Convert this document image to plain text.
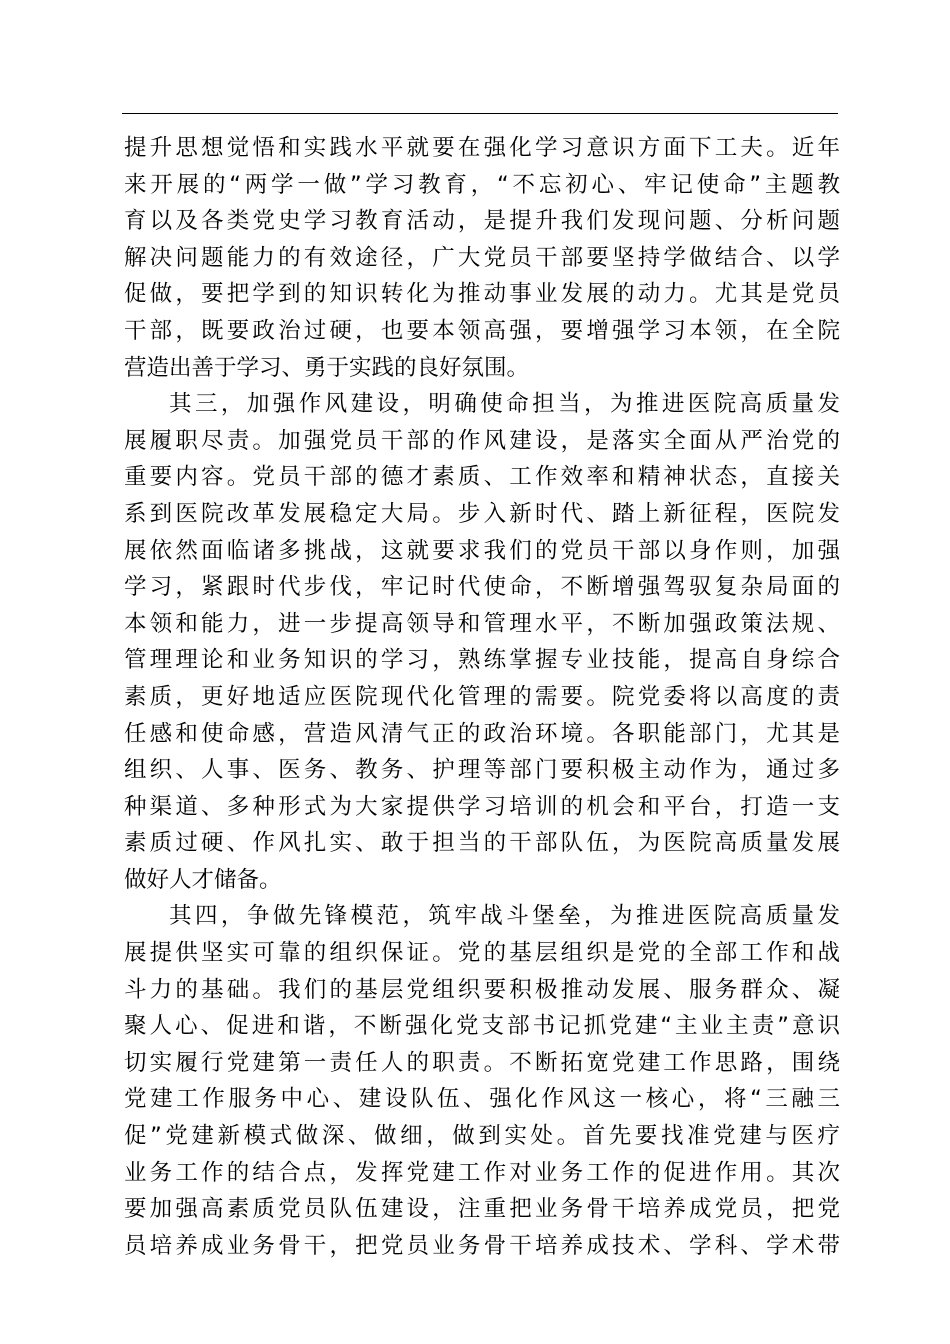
提升思想觉悟和实践水平就要在强化学习意识方面下工夫。近年
来开展的“两学一做”学习教育，“不忘初心、牢记使命”主题教
育以及各类党史学习教育活动，是提升我们发现问题、分析问题
解决问题能力的有效途径，广大党员干部要坚持学做结合、以学
促做，要把学到的知识转化为推动事业发展的动力。尤其是党员
干部，既要政治过硬，也要本领高强，要增强学习本领，在全院
营造出善于学习、勇于实践的良好氛围。
其三，加强作风建设，明确使命担当，为推进医院高质量发
展履职尽责。加强党员干部的作风建设，是落实全面从严治党的
重要内容。党员干部的德才素质、工作效率和精神状态，直接关
系到医院改革发展稳定大局。步入新时代、踏上新征程，医院发
展依然面临诸多挑战，这就要求我们的党员干部以身作则，加强
学习，紧跟时代步伐，牢记时代使命，不断增强驾驭复杂局面的
本领和能力，进一步提高领导和管理水平，不断加强政策法规、
管理理论和业务知识的学习，熟练掌握专业技能，提高自身综合
素质，更好地适应医院现代化管理的需要。院党委将以高度的责
任感和使命感，营造风清气正的政治环境。各职能部门，尤其是
组织、人事、医务、教务、护理等部门要积极主动作为，通过多
种渠道、多种形式为大家提供学习培训的机会和平台，打造一支
素质过硬、作风扎实、敢于担当的干部队伍，为医院高质量发展
做好人才储备。
其四，争做先锋模范，筑牢战斗堡垒，为推进医院高质量发
展提供坚实可靠的组织保证。党的基层组织是党的全部工作和战
斗力的基础。我们的基层党组织要积极推动发展、服务群众、凝
聚人心、促进和谐，不断强化党支部书记抓党建“主业主责”意识
切实履行党建第一责任人的职责。不断拓宽党建工作思路，围绕
党建工作服务中心、建设队伍、强化作风这一核心，将“三融三
促”党建新模式做深、做细，做到实处。首先要找准党建与医疗
业务工作的结合点，发挥党建工作对业务工作的促进作用。其次
要加强高素质党员队伍建设，注重把业务骨干培养成党员，把党
员培养成业务骨干，把党员业务骨干培养成技术、学科、学术带
